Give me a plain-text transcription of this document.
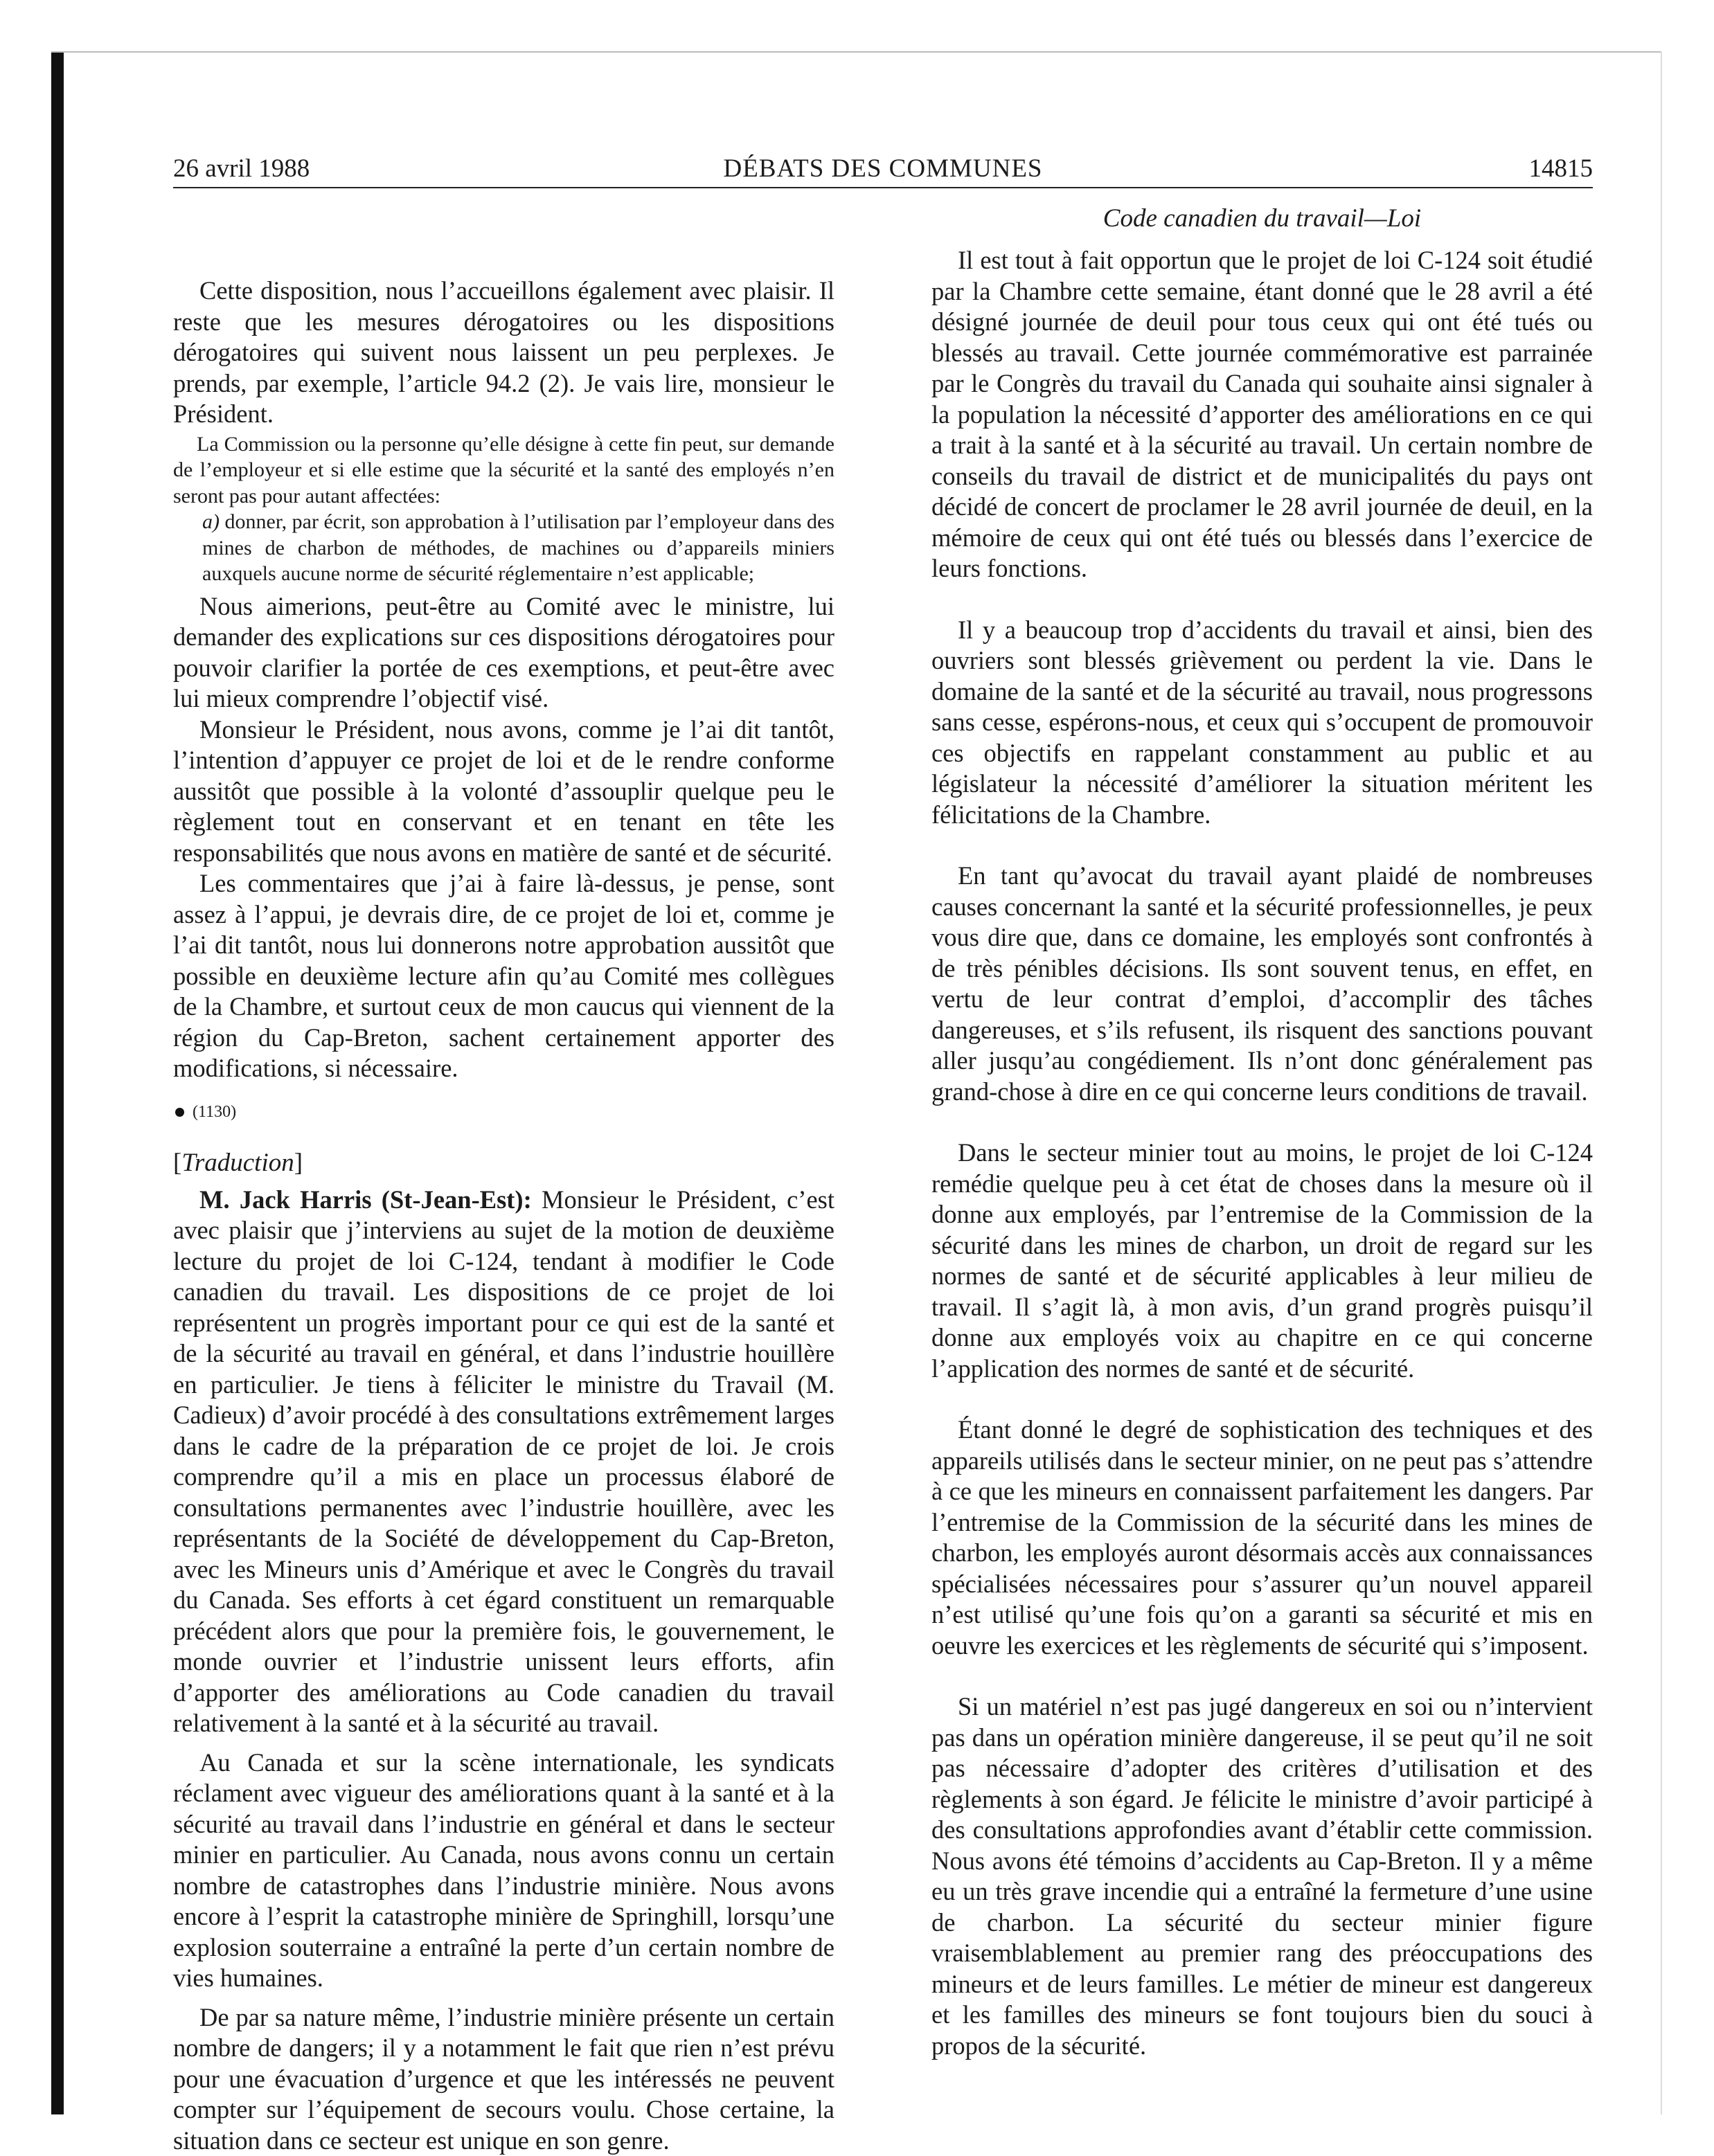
26 avril 1988	DÉBATS DES COMMUNES	14815
Code canadien du travail—Loi

Cette disposition, nous l’accueillons également avec plaisir. Il reste que les mesures dérogatoires ou les dispositions dérogatoires qui suivent nous laissent un peu perplexes. Je prends, par exemple, l’article 94.2 (2). Je vais lire, monsieur le Président.

La Commission ou la personne qu’elle désigne à cette fin peut, sur demande de l’employeur et si elle estime que la sécurité et la santé des employés n’en seront pas pour autant affectées:

a) donner, par écrit, son approbation à l’utilisation par l’employeur dans des mines de charbon de méthodes, de machines ou d’appareils miniers auxquels aucune norme de sécurité réglementaire n’est applicable;

Nous aimerions, peut-être au Comité avec le ministre, lui demander des explications sur ces dispositions dérogatoires pour pouvoir clarifier la portée de ces exemptions, et peut-être avec lui mieux comprendre l’objectif visé.

Monsieur le Président, nous avons, comme je l’ai dit tantôt, l’intention d’appuyer ce projet de loi et de le rendre conforme aussitôt que possible à la volonté d’assouplir quelque peu le règlement tout en conservant et en tenant en tête les responsabilités que nous avons en matière de santé et de sécurité.

Les commentaires que j’ai à faire là-dessus, je pense, sont assez à l’appui, je devrais dire, de ce projet de loi et, comme je l’ai dit tantôt, nous lui donnerons notre approbation aussitôt que possible en deuxième lecture afin qu’au Comité mes collègues de la Chambre, et surtout ceux de mon caucus qui viennent de la région du Cap-Breton, sachent certainement apporter des modifications, si nécessaire.

(1130)
[Traduction]

M. Jack Harris (St-Jean-Est): Monsieur le Président, c’est avec plaisir que j’interviens au sujet de la motion de deuxième lecture du projet de loi C-124, tendant à modifier le Code canadien du travail. Les dispositions de ce projet de loi représentent un progrès important pour ce qui est de la santé et de la sécurité au travail en général, et dans l’industrie houillère en particulier. Je tiens à féliciter le ministre du Travail (M. Cadieux) d’avoir procédé à des consultations extrêmement larges dans le cadre de la préparation de ce projet de loi. Je crois comprendre qu’il a mis en place un processus élaboré de consultations permanentes avec l’industrie houillère, avec les représentants de la Société de développement du Cap-Breton, avec les Mineurs unis d’Amérique et avec le Congrès du travail du Canada. Ses efforts à cet égard constituent un remarquable précédent alors que pour la première fois, le gouvernement, le monde ouvrier et l’industrie unissent leurs efforts, afin d’apporter des améliorations au Code canadien du travail relativement à la santé et à la sécurité au travail.

Au Canada et sur la scène internationale, les syndicats réclament avec vigueur des améliorations quant à la santé et à la sécurité au travail dans l’industrie en général et dans le secteur minier en particulier. Au Canada, nous avons connu un certain nombre de catastrophes dans l’industrie minière. Nous avons encore à l’esprit la catastrophe minière de Springhill, lorsqu’une explosion souterraine a entraîné la perte d’un certain nombre de vies humaines.

De par sa nature même, l’industrie minière présente un certain nombre de dangers; il y a notamment le fait que rien n’est prévu pour une évacuation d’urgence et que les intéressés ne peuvent compter sur l’équipement de secours voulu. Chose certaine, la situation dans ce secteur est unique en son genre.

Il est tout à fait opportun que le projet de loi C-124 soit étudié par la Chambre cette semaine, étant donné que le 28 avril a été désigné journée de deuil pour tous ceux qui ont été tués ou blessés au travail. Cette journée commémorative est parrainée par le Congrès du travail du Canada qui souhaite ainsi signaler à la population la nécessité d’apporter des améliorations en ce qui a trait à la santé et à la sécurité au travail. Un certain nombre de conseils du travail de district et de municipalités du pays ont décidé de concert de proclamer le 28 avril journée de deuil, en la mémoire de ceux qui ont été tués ou blessés dans l’exercice de leurs fonctions.

Il y a beaucoup trop d’accidents du travail et ainsi, bien des ouvriers sont blessés grièvement ou perdent la vie. Dans le domaine de la santé et de la sécurité au travail, nous progressons sans cesse, espérons-nous, et ceux qui s’occupent de promouvoir ces objectifs en rappelant constamment au public et au législateur la nécessité d’améliorer la situation méritent les félicitations de la Chambre.

En tant qu’avocat du travail ayant plaidé de nombreuses causes concernant la santé et la sécurité professionnelles, je peux vous dire que, dans ce domaine, les employés sont confrontés à de très pénibles décisions. Ils sont souvent tenus, en effet, en vertu de leur contrat d’emploi, d’accomplir des tâches dangereuses, et s’ils refusent, ils risquent des sanctions pouvant aller jusqu’au congédiement. Ils n’ont donc généralement pas grand-chose à dire en ce qui concerne leurs conditions de travail.

Dans le secteur minier tout au moins, le projet de loi C-124 remédie quelque peu à cet état de choses dans la mesure où il donne aux employés, par l’entremise de la Commission de la sécurité dans les mines de charbon, un droit de regard sur les normes de santé et de sécurité applicables à leur milieu de travail. Il s’agit là, à mon avis, d’un grand progrès puisqu’il donne aux employés voix au chapitre en ce qui concerne l’application des normes de santé et de sécurité.

Étant donné le degré de sophistication des techniques et des appareils utilisés dans le secteur minier, on ne peut pas s’attendre à ce que les mineurs en connaissent parfaitement les dangers. Par l’entremise de la Commission de la sécurité dans les mines de charbon, les employés auront désormais accès aux connaissances spécialisées nécessaires pour s’assurer qu’un nouvel appareil n’est utilisé qu’une fois qu’on a garanti sa sécurité et mis en oeuvre les exercices et les règlements de sécurité qui s’imposent.

Si un matériel n’est pas jugé dangereux en soi ou n’intervient pas dans un opération minière dangereuse, il se peut qu’il ne soit pas nécessaire d’adopter des critères d’utilisation et des règlements à son égard. Je félicite le ministre d’avoir participé à des consultations approfondies avant d’établir cette commission. Nous avons été témoins d’accidents au Cap-Breton. Il y a même eu un très grave incendie qui a entraîné la fermeture d’une usine de charbon. La sécurité du secteur minier figure vraisemblablement au premier rang des préoccupations des mineurs et de leurs familles. Le métier de mineur est dangereux et les familles des mineurs se font toujours bien du souci à propos de la sécurité.
